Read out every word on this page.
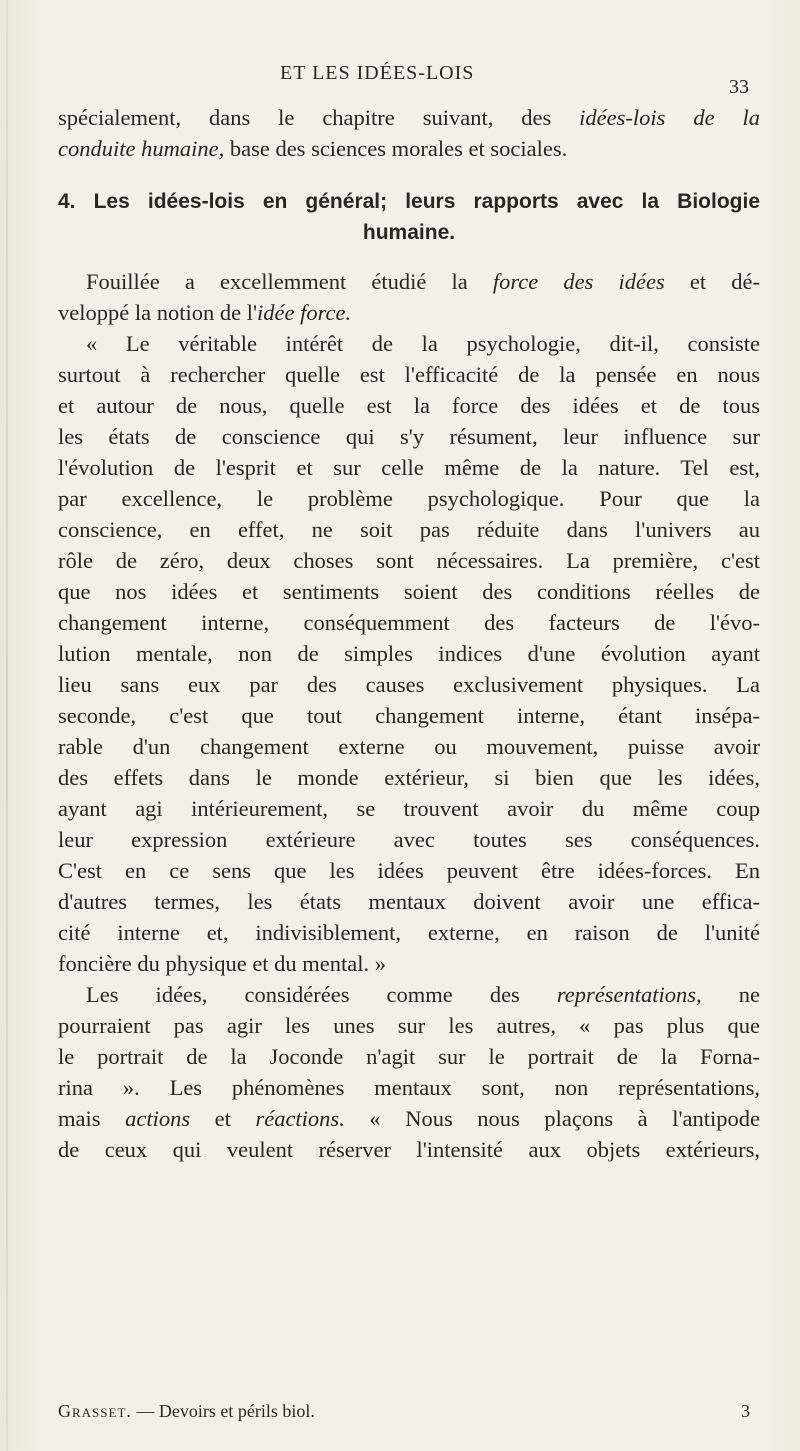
ET LES IDÉES-LOIS
33
spécialement, dans le chapitre suivant, des idées-lois de la
conduite humaine, base des sciences morales et sociales.
4. Les idées-lois en général; leurs rapports avec la Biologie
humaine.
Fouillée a excellemment étudié la force des idées et dé-
veloppé la notion de l'idée force.
« Le véritable intérêt de la psychologie, dit-il, consiste
surtout à rechercher quelle est l'efficacité de la pensée en nous
et autour de nous, quelle est la force des idées et de tous
les états de conscience qui s'y résument, leur influence sur
l'évolution de l'esprit et sur celle même de la nature. Tel est,
par excellence, le problème psychologique. Pour que la
conscience, en effet, ne soit pas réduite dans l'univers au
rôle de zéro, deux choses sont nécessaires. La première, c'est
que nos idées et sentiments soient des conditions réelles de
changement interne, conséquemment des facteurs de l'évo-
lution mentale, non de simples indices d'une évolution ayant
lieu sans eux par des causes exclusivement physiques. La
seconde, c'est que tout changement interne, étant insépa-
rable d'un changement externe ou mouvement, puisse avoir
des effets dans le monde extérieur, si bien que les idées,
ayant agi intérieurement, se trouvent avoir du même coup
leur expression extérieure avec toutes ses conséquences.
C'est en ce sens que les idées peuvent être idées-forces. En
d'autres termes, les états mentaux doivent avoir une effica-
cité interne et, indivisiblement, externe, en raison de l'unité
foncière du physique et du mental. »
Les idées, considérées comme des représentations, ne
pourraient pas agir les unes sur les autres, « pas plus que
le portrait de la Joconde n'agit sur le portrait de la Forna-
rina ». Les phénomènes mentaux sont, non représentations,
mais actions et réactions. « Nous nous plaçons à l'antipode
de ceux qui veulent réserver l'intensité aux objets extérieurs,
Grasset. — Devoirs et périls biol.	3
